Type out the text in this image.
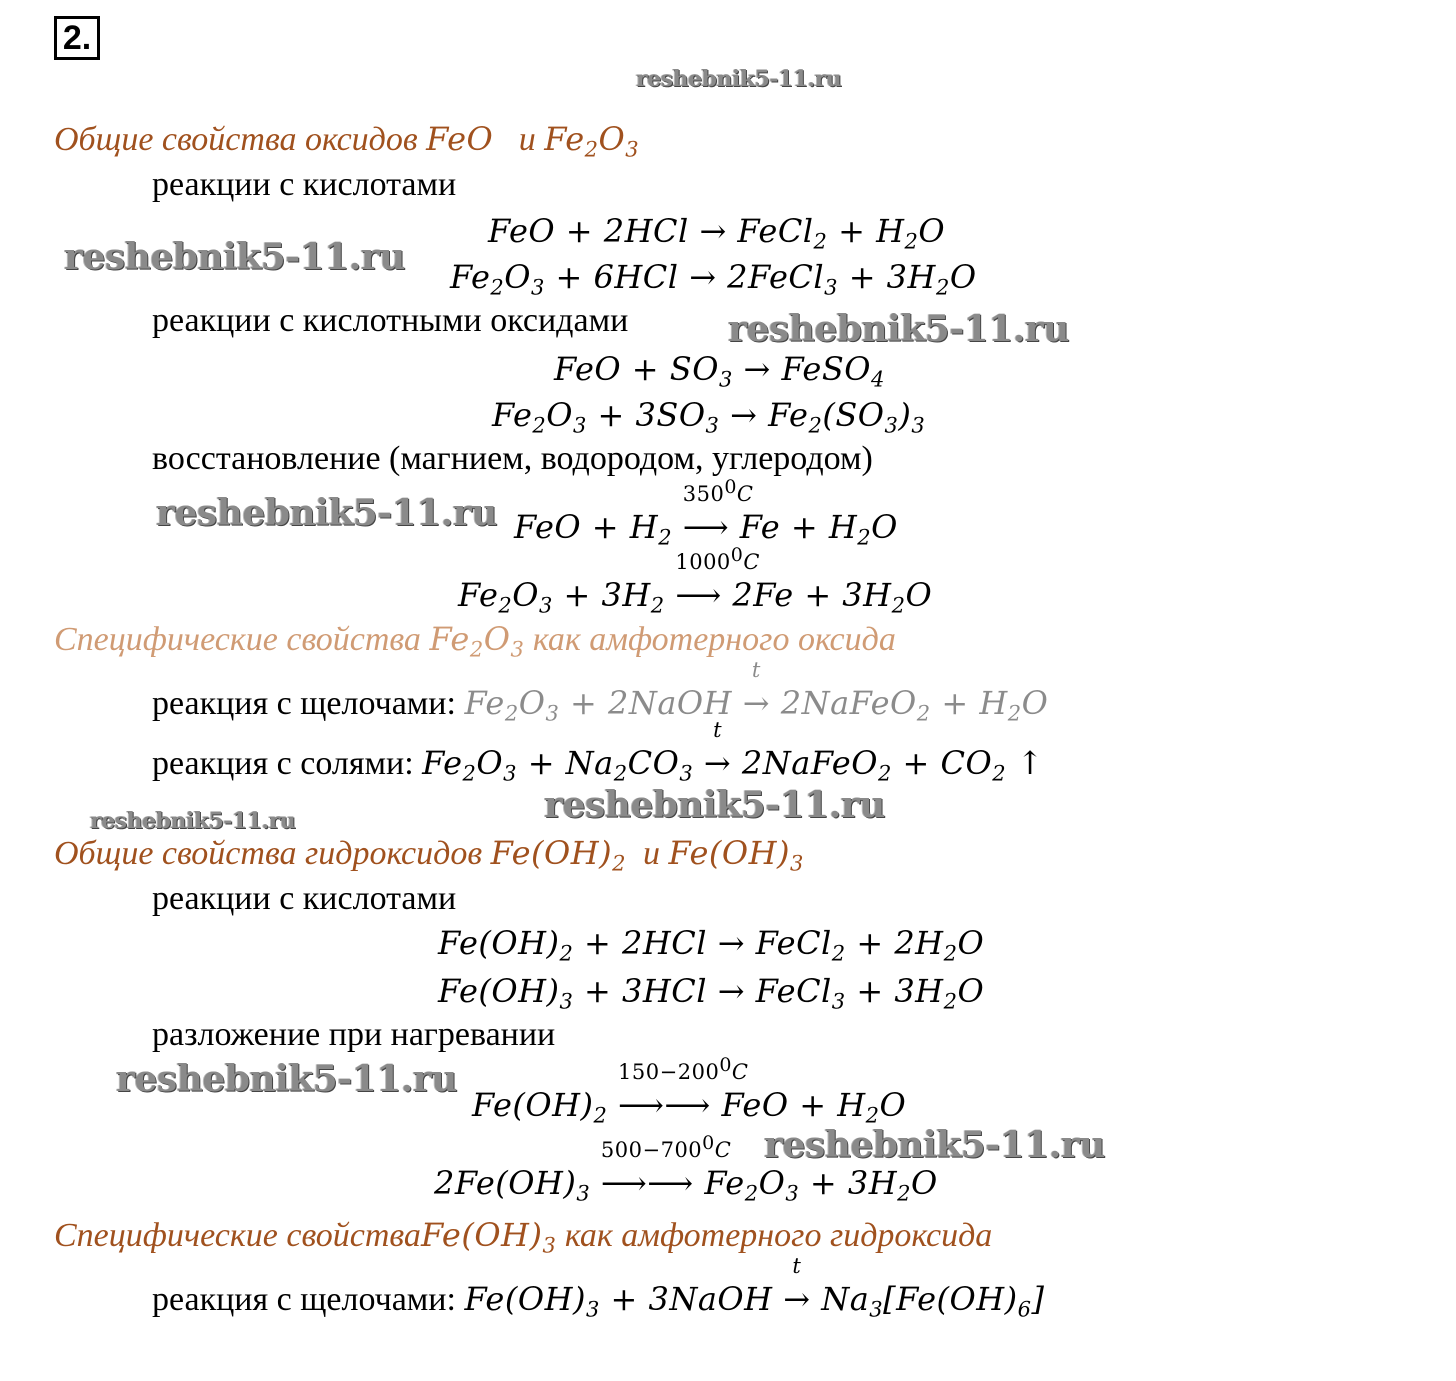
2.
reshebnik5-11.ru
reshebnik5-11.ru
reshebnik5-11.ru
reshebnik5-11.ru
reshebnik5-11.ru
reshebnik5-11.ru
reshebnik5-11.ru
reshebnik5-11.ru
Общие свойства оксидов FeO и $Fe_2O_3$
реакции с кислотами
FeO + 2HCl → FeCl$_2$ + $H_2O$
$Fe_2O_3 + 6HCl$ → 2FeCl$_3$ + $3H_2O$
реакции с кислотными оксидами
FeO + $SO_3$ → FeSO$_4$
$Fe_2O_3 + 3SO_3 \to Fe_2(SO_3)_3$
восстановление (магнием, водородом, углеродом)
FeO + $H_2$
$350^0C$
⟶ $Fe + H_2O$
$Fe_2O_3 + 3H_2$
1000$^0$C
⟶ $2Fe + 3H_2O$
Специфические свойства $Fe_2O_3$ как амфотерного оксида
реакция с щелочами: $Fe_2O_3$ + 2NaOH
t
→ 2NaFeO$_2$ + $H_2O$
реакция с солями: $Fe_2O_3 + Na_2CO_3$
t
→ 2NaFeO$_2$ + $CO_2$ ↑
Общие свойства гидроксидов $Fe(OH)_2$ и $Fe(OH)_3$
реакции с кислотами
$Fe(OH)_2 + 2HCl$ → FeCl$_2$ + $2H_2O$
$Fe(OH)_3 + 3HCl$ → FeCl$_3$ + $3H_2O$
разложение при нагревании
$Fe(OH)_2$
$150-200^0C$
⟶⟶ FeO + $H_2O$
$2Fe(OH)_3$
$500-700^0C$
⟶⟶ $Fe_2O_3 + 3H_2O$
Специфические $свойстваFe(OH)_3$ как амфотерного гидроксида
реакция с щелочами: $Fe(OH)_3$ + 3NaOH
t
→ $Na_3[Fe(OH)_6]$
